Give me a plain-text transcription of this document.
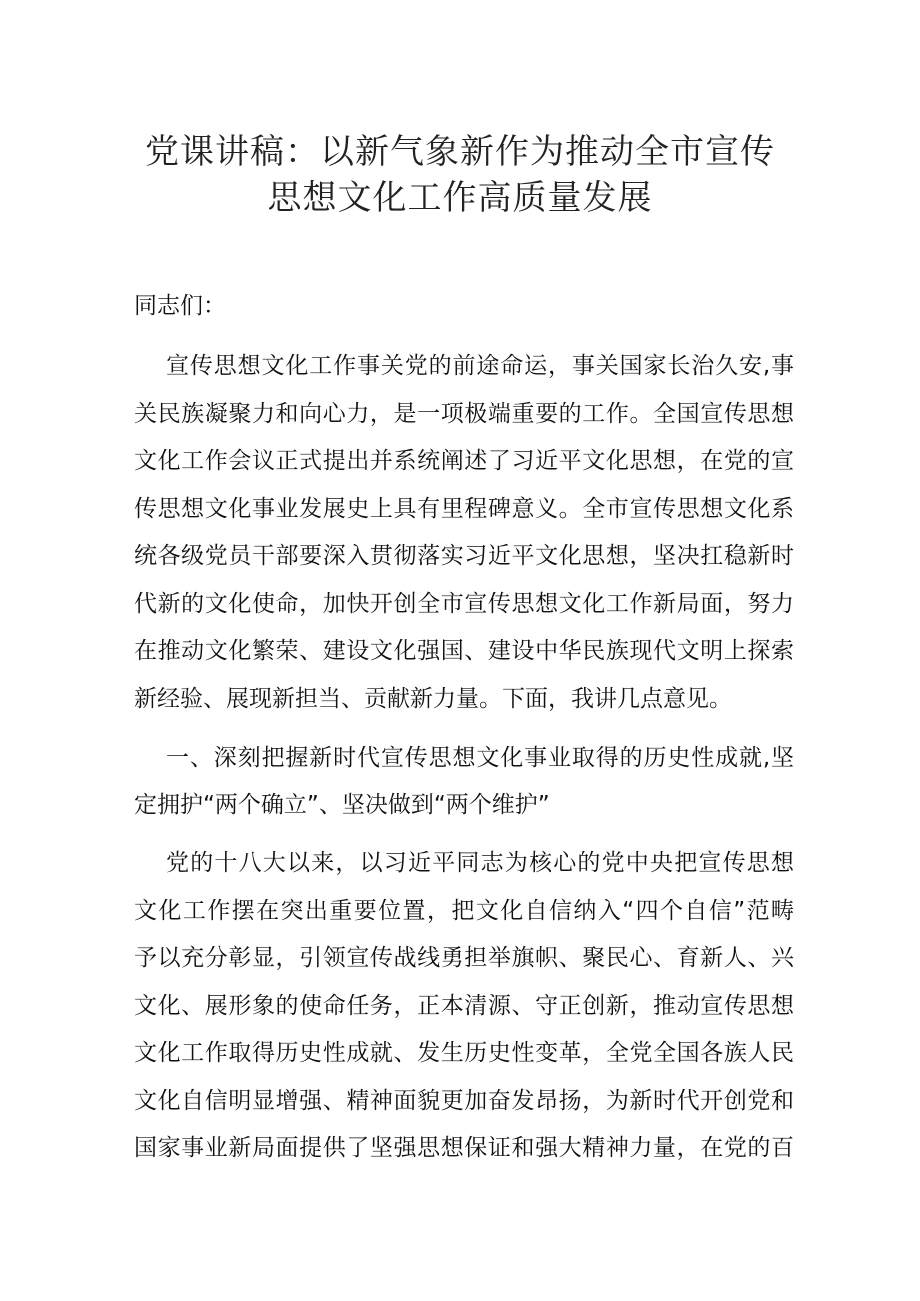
党课讲稿：以新气象新作为推动全市宣传
思想文化工作高质量发展
同志们：
宣传思想文化工作事关党的前途命运，事关国家长治久安,事
关民族凝聚力和向心力，是一项极端重要的工作。全国宣传思想
文化工作会议正式提出并系统阐述了习近平文化思想，在党的宣
传思想文化事业发展史上具有里程碑意义。全市宣传思想文化系
统各级党员干部要深入贯彻落实习近平文化思想，坚决扛稳新时
代新的文化使命，加快开创全市宣传思想文化工作新局面，努力
在推动文化繁荣、建设文化强国、建设中华民族现代文明上探索
新经验、展现新担当、贡献新力量。下面，我讲几点意见。
一、深刻把握新时代宣传思想文化事业取得的历史性成就,坚
定拥护“两个确立”、坚决做到“两个维护”
党的十八大以来，以习近平同志为核心的党中央把宣传思想
文化工作摆在突出重要位置，把文化自信纳入“四个自信”范畴
予以充分彰显，引领宣传战线勇担举旗帜、聚民心、育新人、兴
文化、展形象的使命任务，正本清源、守正创新，推动宣传思想
文化工作取得历史性成就、发生历史性变革，全党全国各族人民
文化自信明显增强、精神面貌更加奋发昂扬，为新时代开创党和
国家事业新局面提供了坚强思想保证和强大精神力量，在党的百
